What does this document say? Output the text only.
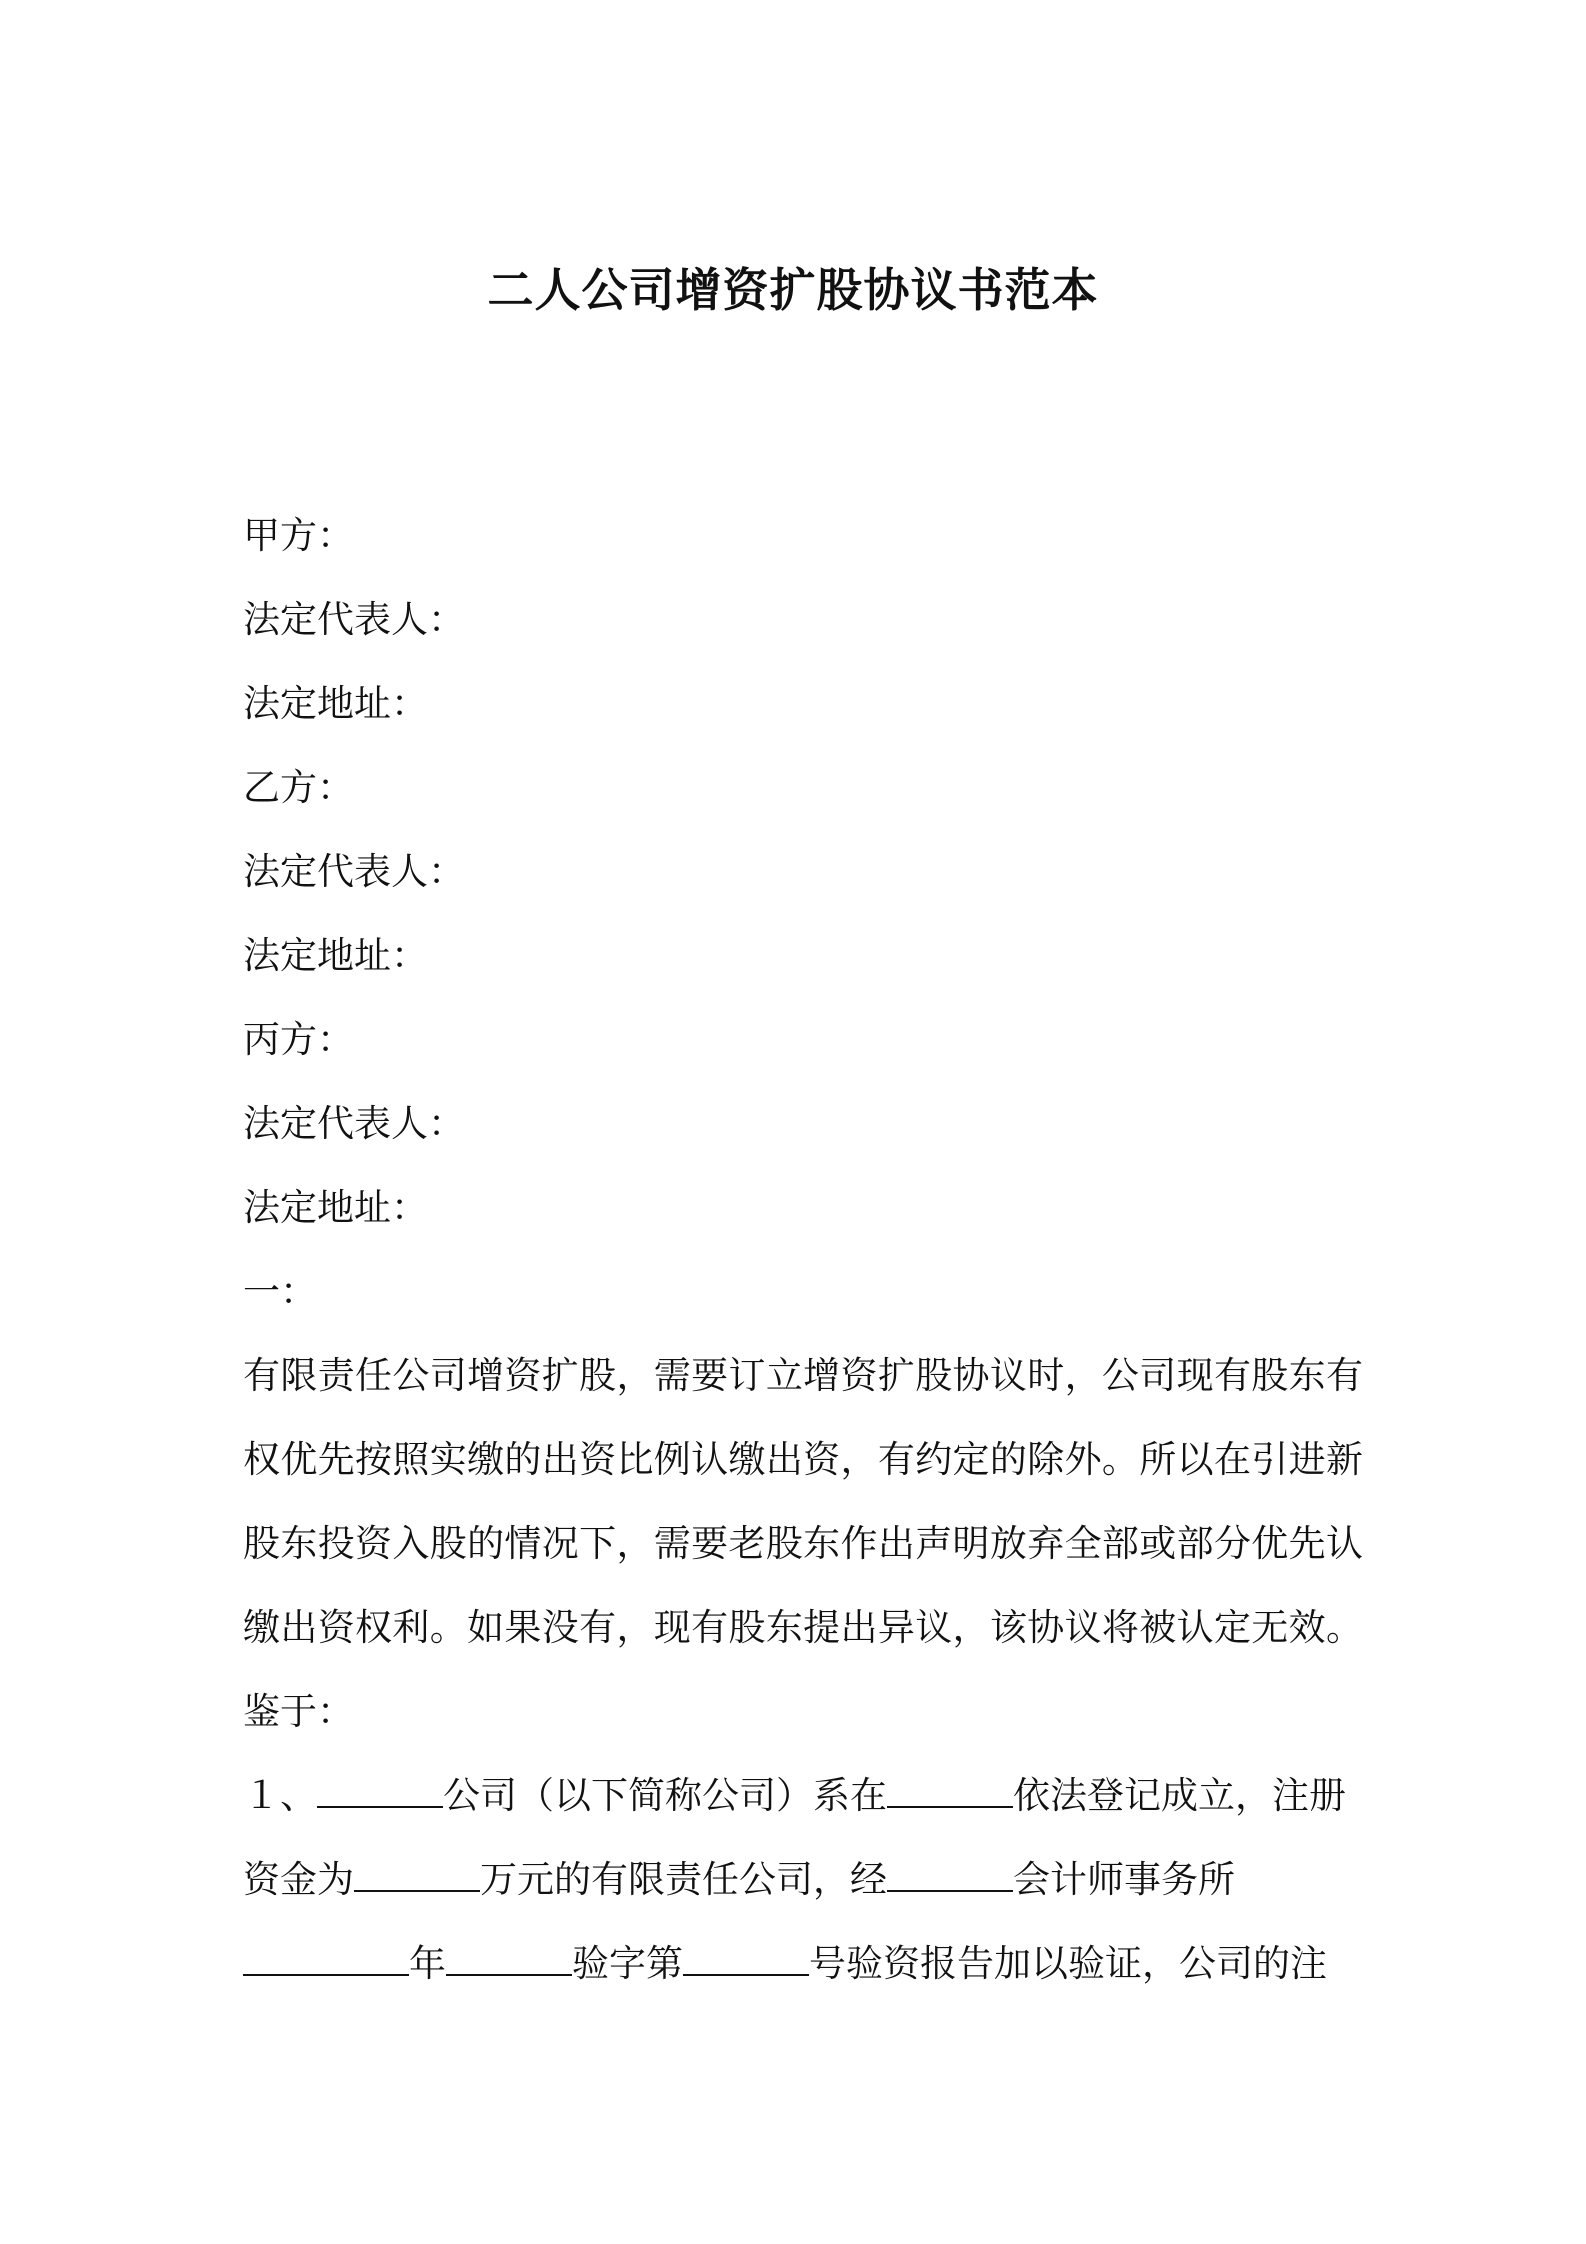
二人公司增资扩股协议书范本
甲方：
法定代表人：
法定地址：
乙方：
法定代表人：
法定地址：
丙方：
法定代表人：
法定地址：
一：
有限责任公司增资扩股，需要订立增资扩股协议时，公司现有股东有
权优先按照实缴的出资比例认缴出资，有约定的除外。所以在引进新
股东投资入股的情况下，需要老股东作出声明放弃全部或部分优先认
缴出资权利。如果没有，现有股东提出异议，该协议将被认定无效。
鉴于：
１、	公司（以下简称公司）系在	依法登记成立，注册
资金为	万元的有限责任公司，经	会计师事务所
年	验字第	号验资报告加以验证，公司的注
